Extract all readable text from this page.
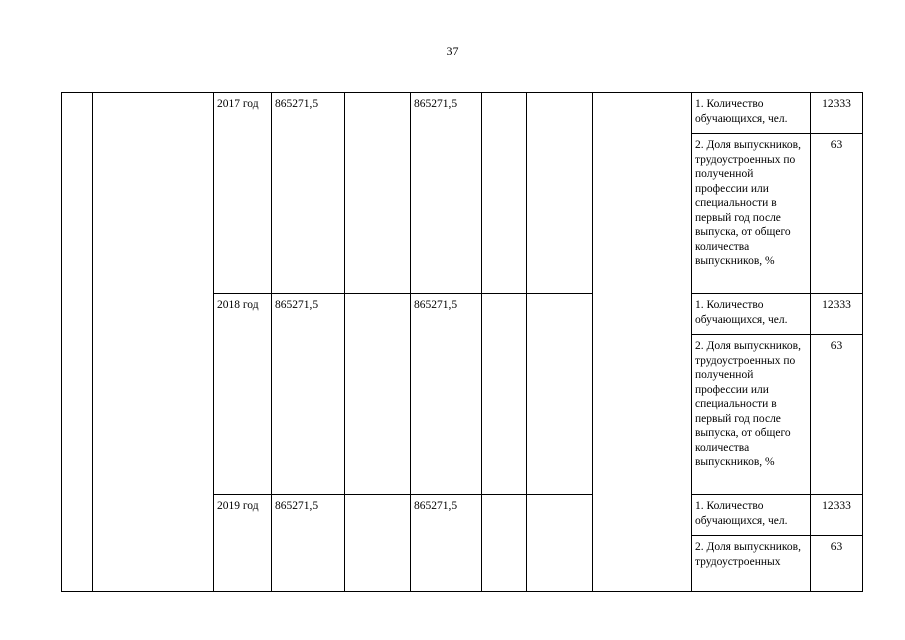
37
		2017 год	865271,5		865271,5				1. Количество обучающихся, чел.	12333
									2. Доля выпускников, трудоустроенных по полученной профессии или специальности в первый год после выпуска, от общего количества выпускников, %	63
		2018 год	865271,5		865271,5				1. Количество обучающихся, чел.	12333
									2. Доля выпускников, трудоустроенных по полученной профессии или специальности в первый год после выпуска, от общего количества выпускников, %	63
		2019 год	865271,5		865271,5				1. Количество обучающихся, чел.	12333
									2. Доля выпускников, трудоустроенных	63
